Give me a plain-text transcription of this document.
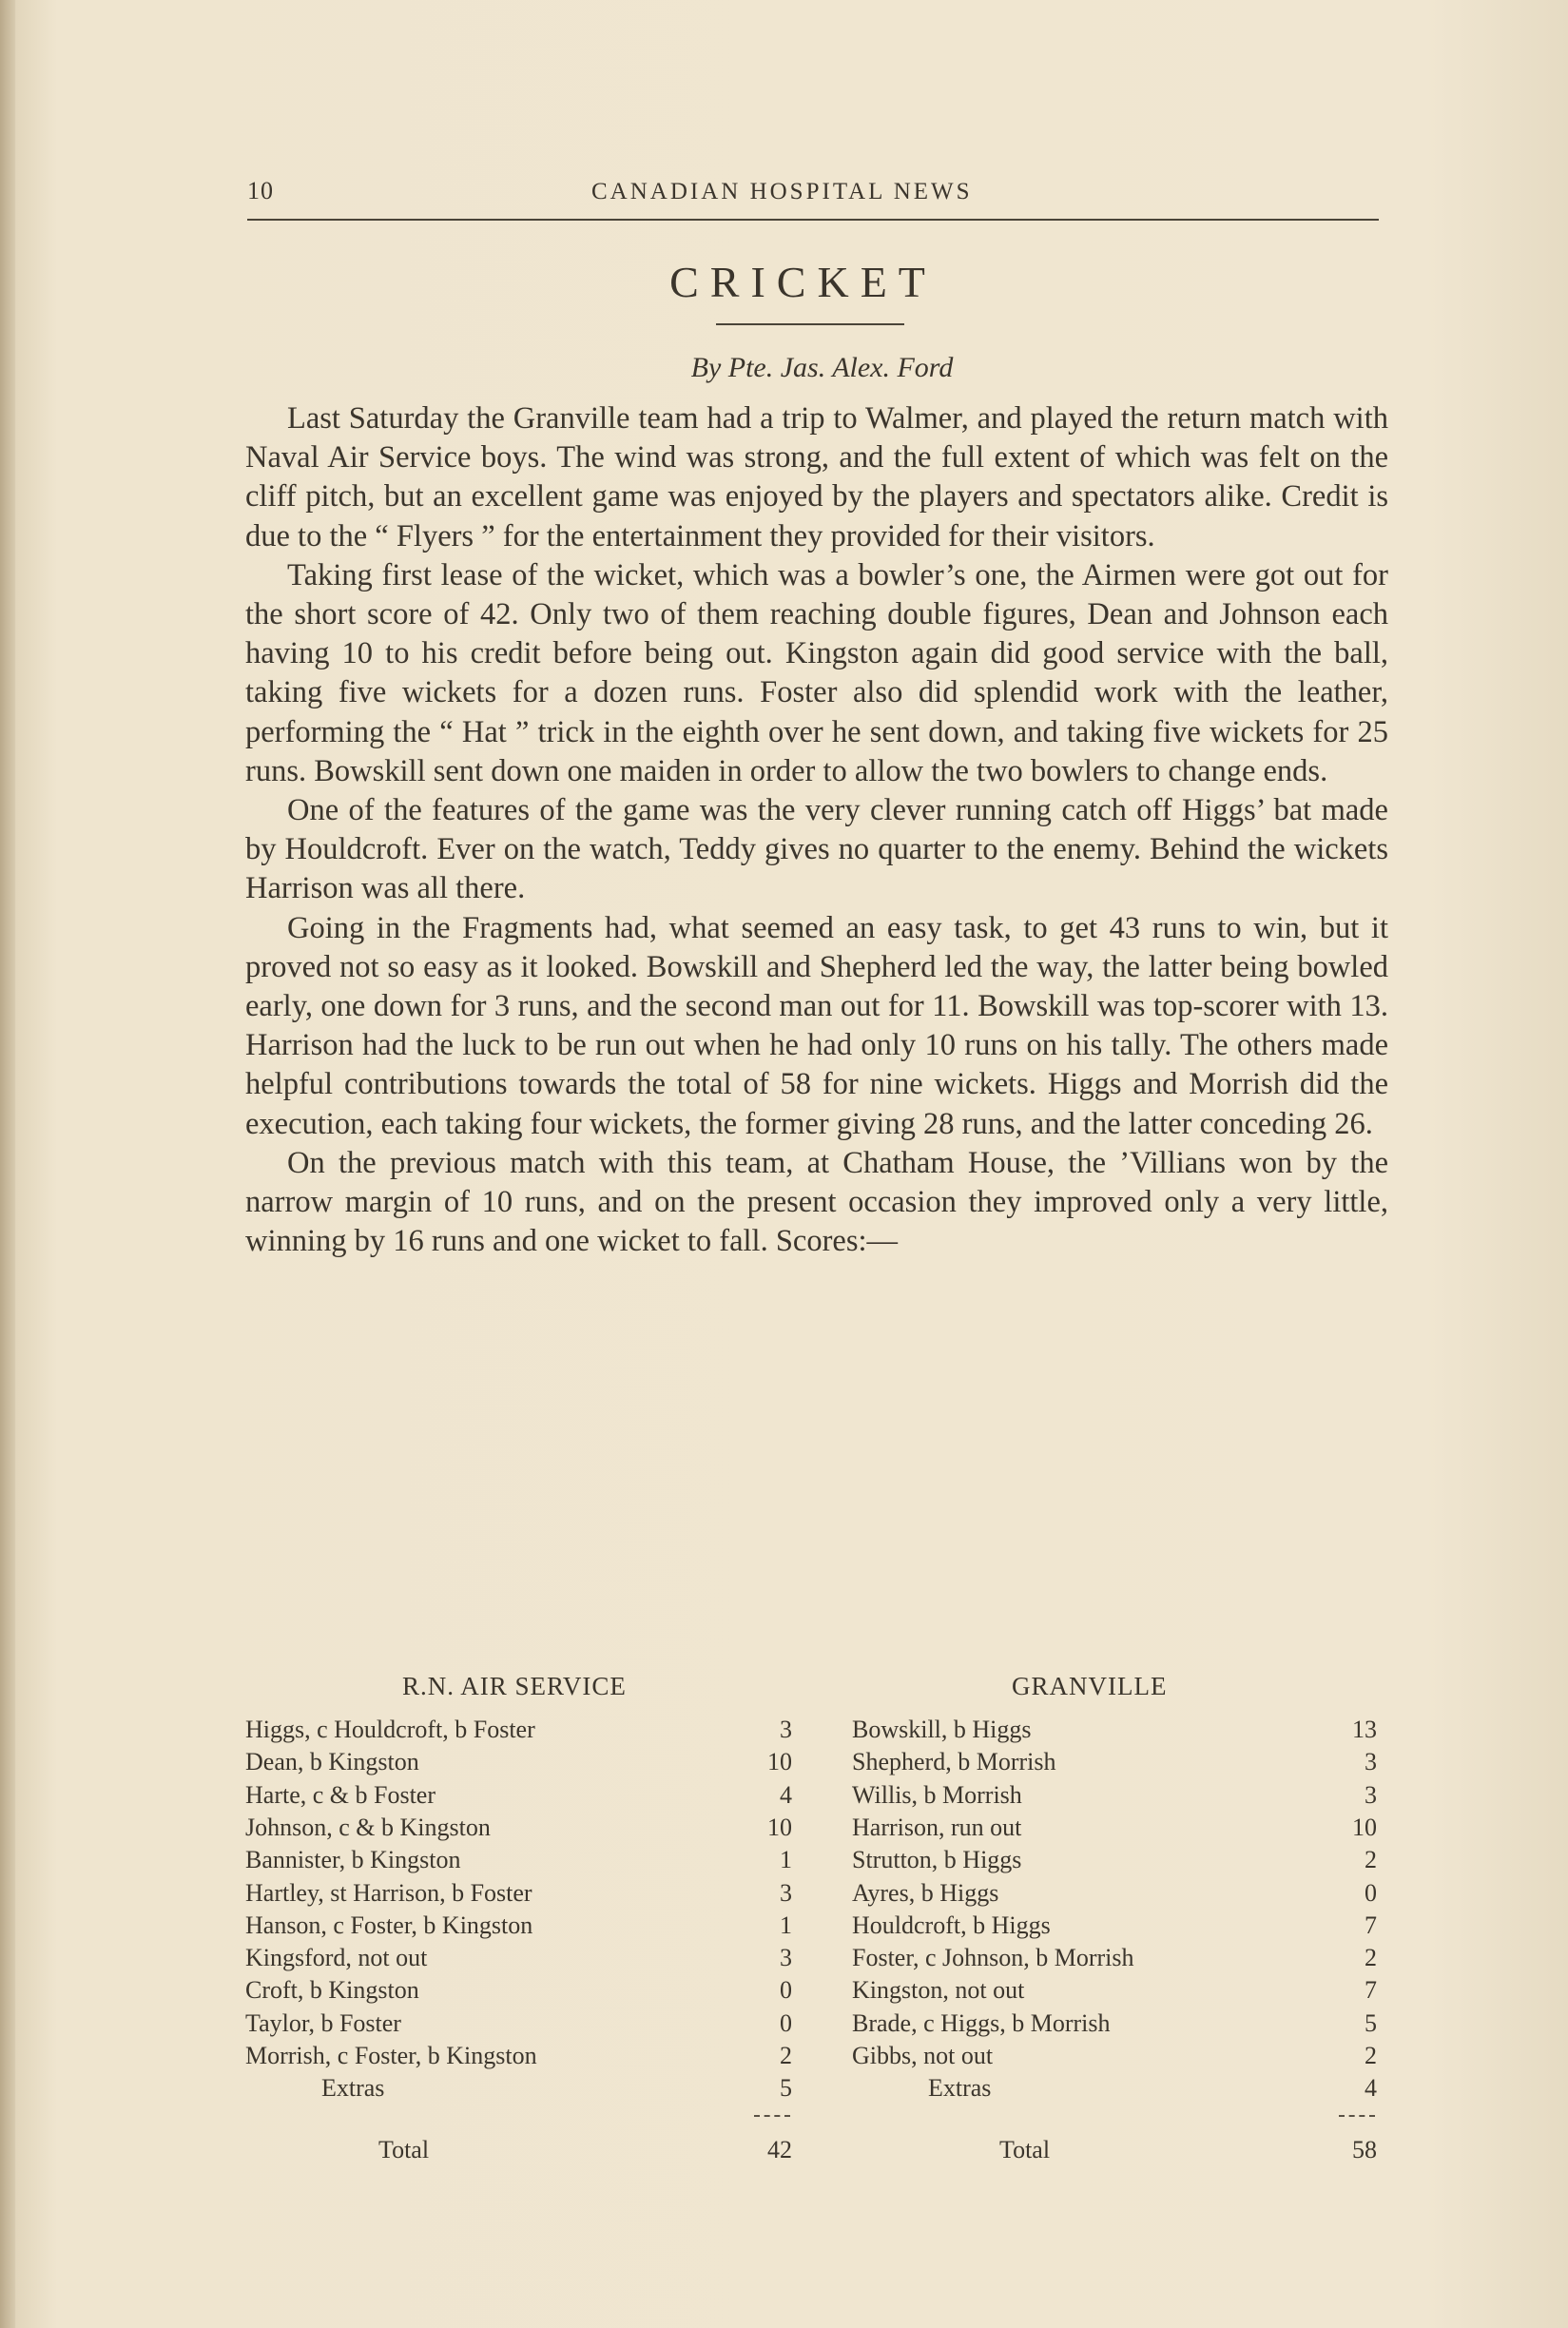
10	CANADIAN HOSPITAL NEWS
CRICKET
By Pte. Jas. Alex. Ford

Last Saturday the Granville team had a trip to Walmer, and played the return match with Naval Air Service boys. The wind was strong, and the full extent of which was felt on the cliff pitch, but an excellent game was enjoyed by the players and spectators alike. Credit is due to the “ Flyers ” for the entertainment they provided for their visitors.

Taking first lease of the wicket, which was a bowler’s one, the Airmen were got out for the short score of 42. Only two of them reaching double figures, Dean and Johnson each having 10 to his credit before being out. Kingston again did good service with the ball, taking five wickets for a dozen runs. Foster also did splendid work with the leather, performing the “ Hat ” trick in the eighth over he sent down, and taking five wickets for 25 runs. Bowskill sent down one maiden in order to allow the two bowlers to change ends.

One of the features of the game was the very clever running catch off Higgs’ bat made by Houldcroft. Ever on the watch, Teddy gives no quarter to the enemy. Behind the wickets Harrison was all there.

Going in the Fragments had, what seemed an easy task, to get 43 runs to win, but it proved not so easy as it looked. Bowskill and Shepherd led the way, the latter being bowled early, one down for 3 runs, and the second man out for 11. Bowskill was top-scorer with 13. Harrison had the luck to be run out when he had only 10 runs on his tally. The others made helpful contributions towards the total of 58 for nine wickets. Higgs and Morrish did the execution, each taking four wickets, the former giving 28 runs, and the latter conceding 26.

On the previous match with this team, at Chatham House, the ’Villians won by the narrow margin of 10 runs, and on the present occasion they improved only a very little, winning by 16 runs and one wicket to fall. Scores:—

R.N. AIR SERVICE	GRANVILLE
Higgs, c Houldcroft, b Foster	3
Dean, b Kingston	10
Harte, c & b Foster	4
Johnson, c & b Kingston	10
Bannister, b Kingston	1
Hartley, st Harrison, b Foster	3
Hanson, c Foster, b Kingston	1
Kingsford, not out	3
Croft, b Kingston	0
Taylor, b Foster	0
Morrish, c Foster, b Kingston	2
Extras	5
Total	42
Bowskill, b Higgs	13
Shepherd, b Morrish	3
Willis, b Morrish	3
Harrison, run out	10
Strutton, b Higgs	2
Ayres, b Higgs	0
Houldcroft, b Higgs	7
Foster, c Johnson, b Morrish	2
Kingston, not out	7
Brade, c Higgs, b Morrish	5
Gibbs, not out	2
Extras	4
Total	58
